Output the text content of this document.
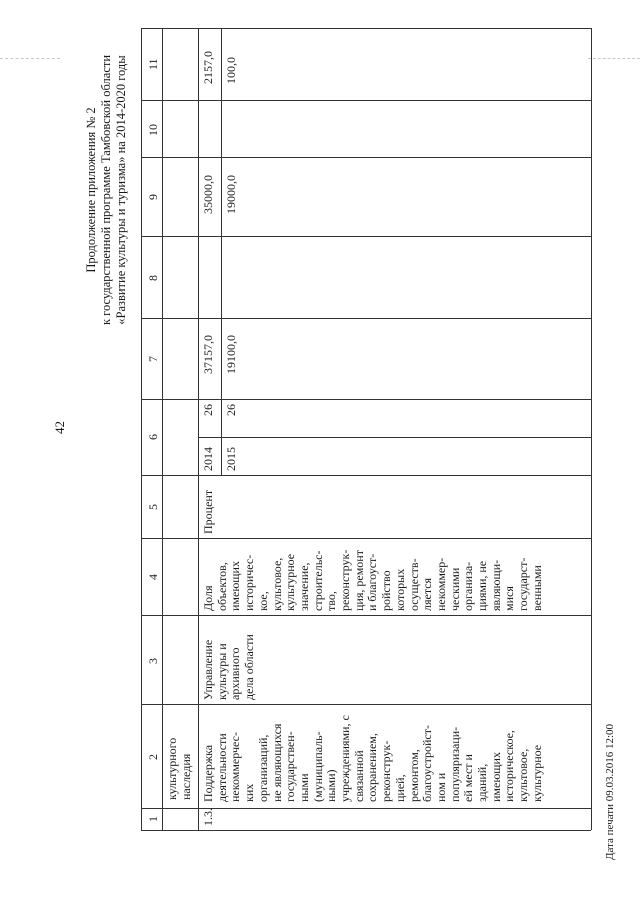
42
Продолжение приложения № 2 к государственной программе Тамбовской области «Развитие культуры и туризма» на 2014-2020 годы
1
2
3
4
5
6
7
8
9
10
11
культурного наследия
1.3.
Поддержка деятельности некоммерчес- ких организаций, не являющихся государствен- ными (муниципаль- ными) учреждениями, с связанной сохранением, реконструк- цией, ремонтом, благоустройст- ном и популяризаци- ей мест и зданий, имеющих историческое, культовое, культурное
Управление культуры и архивного дела области
Доля объектов, имеющих историчес- кое, культовое, культурное значение, строительс- тво, реконструк- ция, ремонт и благоуст- ройство которых осуществ- ляется некоммер- ческими организа- циями, не являющи- мися государст- венными
Процент
2014
26
37157,0
35000,0
2157,0
2015
26
19100,0
19000,0
100,0
Дата печати 09.03.2016 12:00
